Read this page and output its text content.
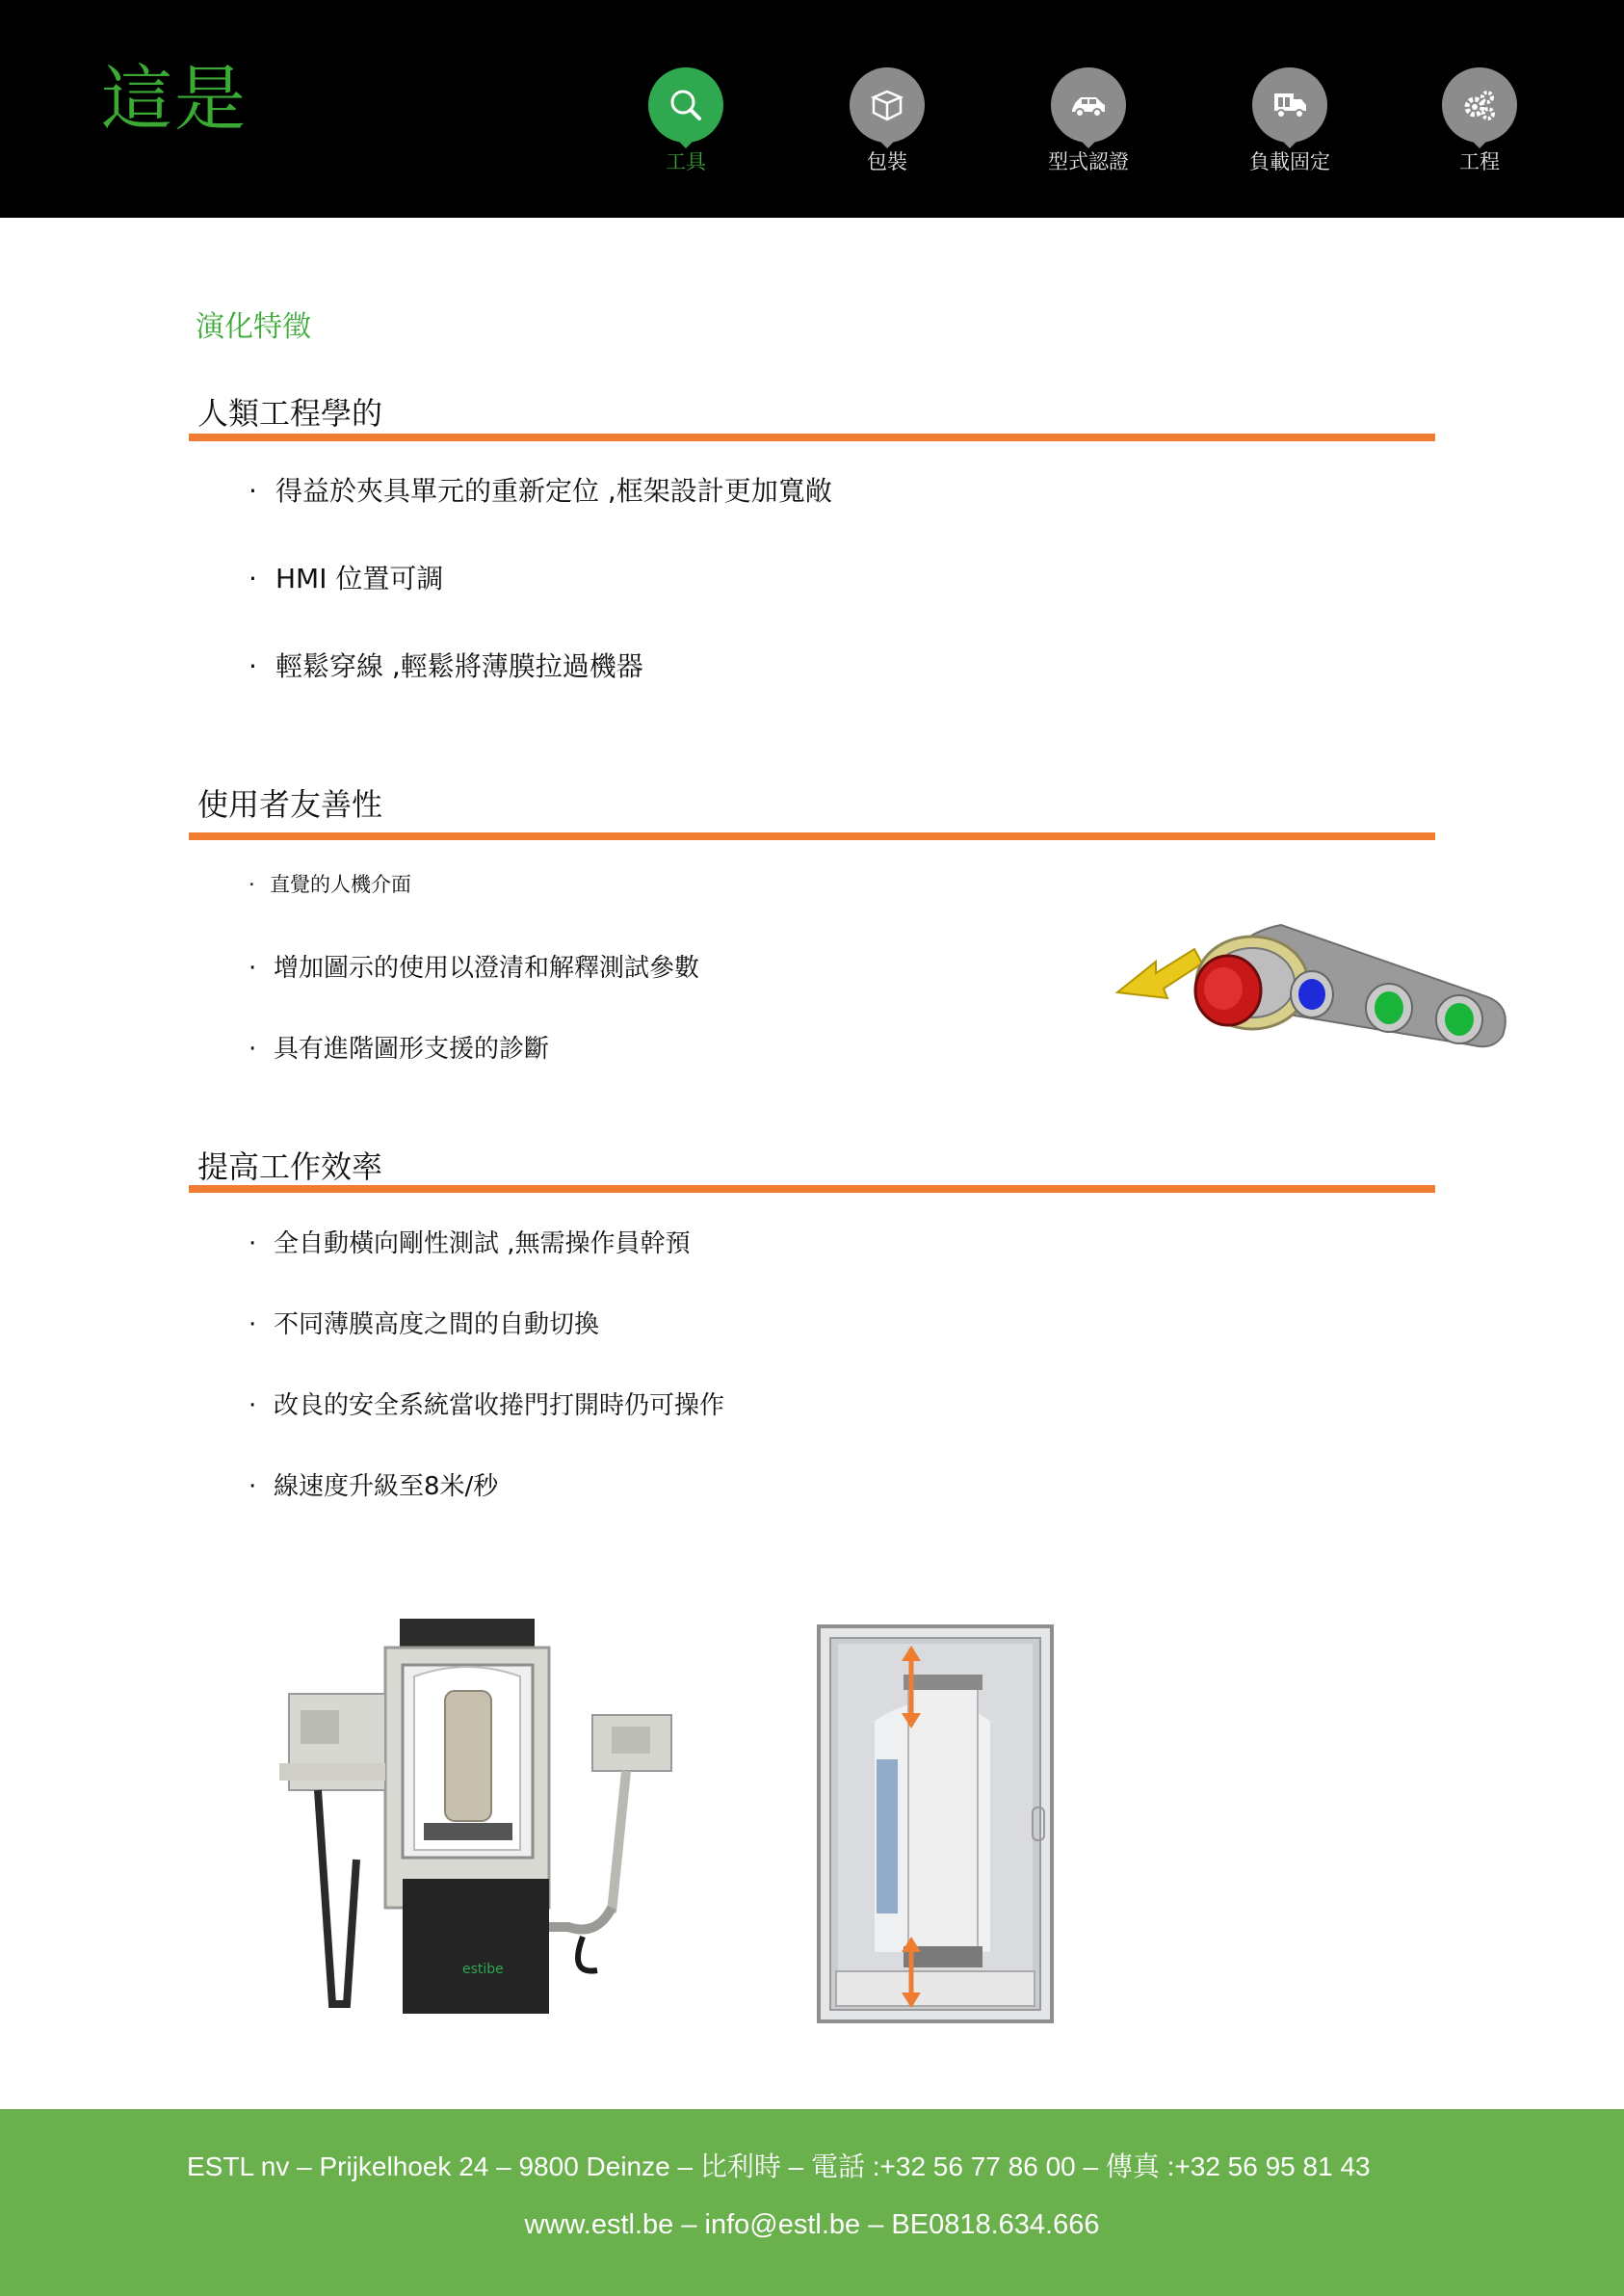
這是
工具	包裝	型式認證	負載固定	工程
演化特徵
人類工程學的
· 得益於夾具單元的重新定位 ,框架設計更加寬敞
· HMI 位置可調
· 輕鬆穿線 ,輕鬆將薄膜拉過機器
使用者友善性
· 直覺的人機介面
· 增加圖示的使用以澄清和解釋測試參數
· 具有進階圖形支援的診斷
提高工作效率
· 全自動橫向剛性測試 ,無需操作員幹預
· 不同薄膜高度之間的自動切換
· 改良的安全系統當收捲門打開時仍可操作
· 線速度升級至8米/秒
estibe
ESTL nv – Prijkelhoek 24 – 9800 Deinze – 比利時 – 電話 :+32 56 77 86 00 – 傳真 :+32 56 95 81 43
www.estl.be – info@estl.be – BE0818.634.666
